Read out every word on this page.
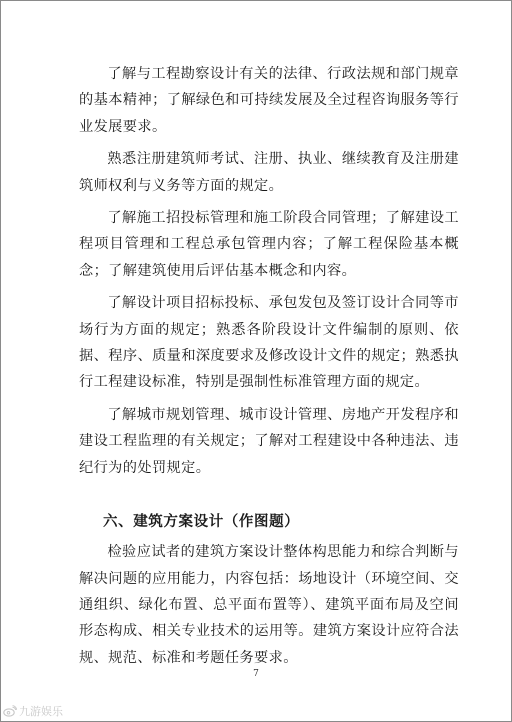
了解与工程勘察设计有关的法律、行政法规和部门规章的基本精神；了解绿色和可持续发展及全过程咨询服务等行业发展要求。

熟悉注册建筑师考试、注册、执业、继续教育及注册建筑师权利与义务等方面的规定。

了解施工招投标管理和施工阶段合同管理；了解建设工程项目管理和工程总承包管理内容；了解工程保险基本概念；了解建筑使用后评估基本概念和内容。

了解设计项目招标投标、承包发包及签订设计合同等市场行为方面的规定；熟悉各阶段设计文件编制的原则、依据、程序、质量和深度要求及修改设计文件的规定；熟悉执行工程建设标准，特别是强制性标准管理方面的规定。

了解城市规划管理、城市设计管理、房地产开发程序和建设工程监理的有关规定；了解对工程建设中各种违法、违纪行为的处罚规定。

六、建筑方案设计（作图题）

检验应试者的建筑方案设计整体构思能力和综合判断与解决问题的应用能力，内容包括：场地设计（环境空间、交通组织、绿化布置、总平面布置等）、建筑平面布局及空间形态构成、相关专业技术的运用等。建筑方案设计应符合法规、规范、标准和考题任务要求。

7
九游娱乐
